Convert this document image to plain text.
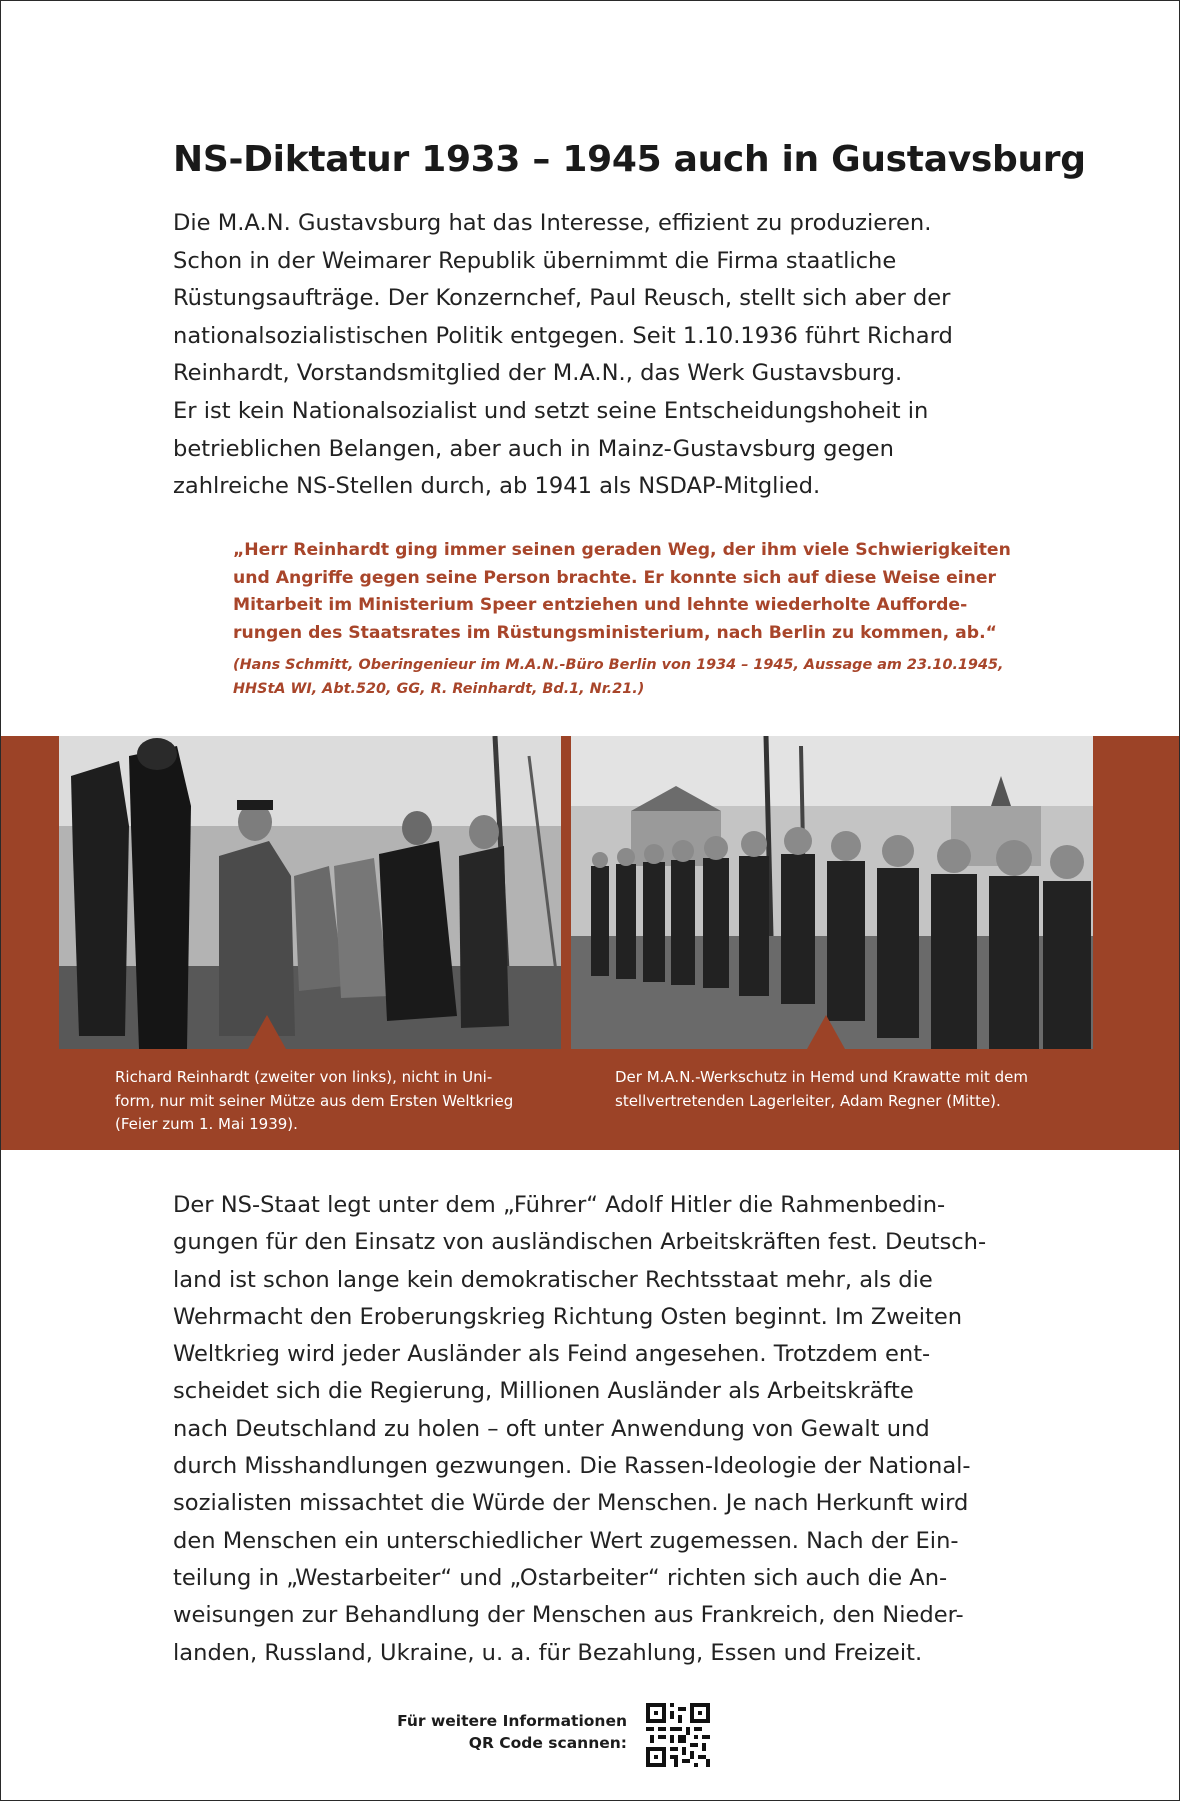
NS-Diktatur 1933 – 1945 auch in Gustavsburg

Die M.A.N. Gustavsburg hat das Interesse, effizient zu produzieren.
Schon in der Weimarer Republik übernimmt die Firma staatliche
Rüstungsaufträge. Der Konzernchef, Paul Reusch, stellt sich aber der
nationalsozialistischen Politik entgegen. Seit 1.10.1936 führt Richard
Reinhardt, Vorstandsmitglied der M.A.N., das Werk Gustavsburg.
Er ist kein Nationalsozialist und setzt seine Entscheidungshoheit in
betrieblichen Belangen, aber auch in Mainz-Gustavsburg gegen
zahlreiche NS-Stellen durch, ab 1941 als NSDAP-Mitglied.

„Herr Reinhardt ging immer seinen geraden Weg, der ihm viele Schwierigkeiten
und Angriffe gegen seine Person brachte. Er konnte sich auf diese Weise einer
Mitarbeit im Ministerium Speer entziehen und lehnte wiederholte Aufforde-
rungen des Staatsrates im Rüstungsministerium, nach Berlin zu kommen, ab.“

(Hans Schmitt, Oberingenieur im M.A.N.-Büro Berlin von 1934 – 1945, Aussage am 23.10.1945,
HHStA WI, Abt.520, GG, R. Reinhardt, Bd.1, Nr.21.)

Richard Reinhardt (zweiter von links), nicht in Uni-
form, nur mit seiner Mütze aus dem Ersten Weltkrieg
(Feier zum 1. Mai 1939).

Der M.A.N.-Werkschutz in Hemd und Krawatte mit dem
stellvertretenden Lagerleiter, Adam Regner (Mitte).

Der NS-Staat legt unter dem „Führer“ Adolf Hitler die Rahmenbedin-
gungen für den Einsatz von ausländischen Arbeitskräften fest. Deutsch-
land ist schon lange kein demokratischer Rechtsstaat mehr, als die
Wehrmacht den Eroberungskrieg Richtung Osten beginnt. Im Zweiten
Weltkrieg wird jeder Ausländer als Feind angesehen. Trotzdem ent-
scheidet sich die Regierung, Millionen Ausländer als Arbeitskräfte
nach Deutschland zu holen – oft unter Anwendung von Gewalt und
durch Misshandlungen gezwungen. Die Rassen-Ideologie der National-
sozialisten missachtet die Würde der Menschen. Je nach Herkunft wird
den Menschen ein unterschiedlicher Wert zugemessen. Nach der Ein-
teilung in „Westarbeiter“ und „Ostarbeiter“ richten sich auch die An-
weisungen zur Behandlung der Menschen aus Frankreich, den Nieder-
landen, Russland, Ukraine, u. a. für Bezahlung, Essen und Freizeit.

Für weitere Informationen
QR Code scannen:
